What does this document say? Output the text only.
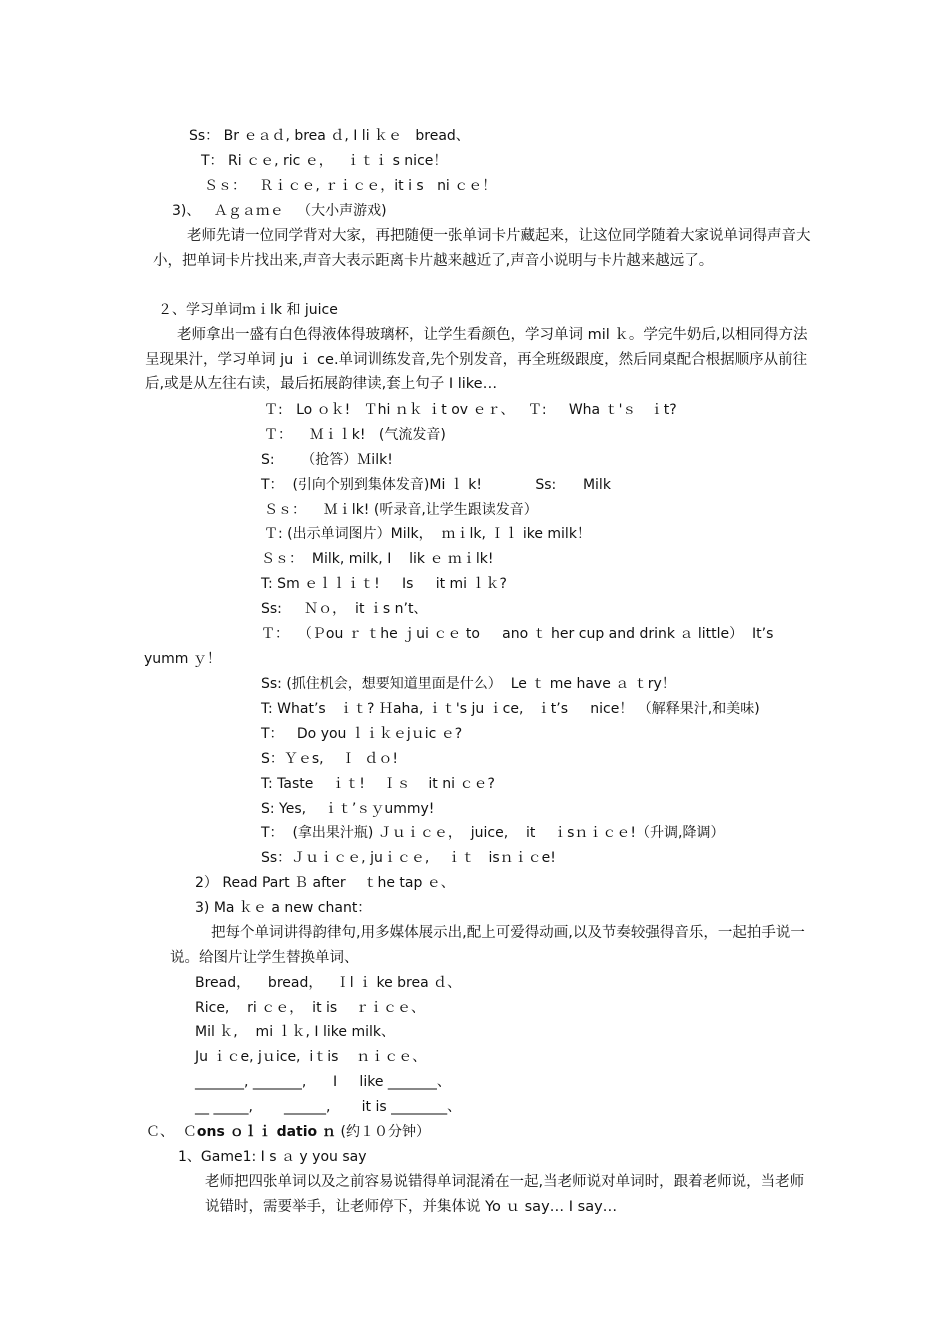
Ss： Br ｅａｄ, brea ｄ, I li ｋｅ   bread、
T： Ri ｃｅ, ric ｅ，   ｉｔｉ s nice！
Ｓｓ：   Ｒｉｃｅ, ｒｉｃｅ，it i s   ni ｃｅ！
3)、   Ａｇａｍｅ   （大小声游戏)
老师先请一位同学背对大家，再把随便一张单词卡片藏起来，让这位同学随着大家说单词得声音大小，把单词卡片找出来,声音大表示距离卡片越来越近了,声音小说明与卡片越来越远了。
２、学习单词ｍｉlk 和 juice
老师拿出一盛有白色得液体得玻璃杯，让学生看颜色，学习单词 mil ｋ。学完牛奶后,以相同得方法呈现果汁，学习单词 ju ｉ ce.单词训练发音,先个别发音，再全班级跟度，然后同桌配合根据顺序从前往后,或是从左往右读，最后拓展韵律读,套上句子 I like…
Ｔ:   Lo ｏｋ!   Ｔhi ｎｋ ｉt ov ｅｒ、   Ｔ:     Wha ｔ'ｓ   ｉt?
Ｔ：    Ｍｉｌk!   (气流发音)
S:      （抢答）Ｍilk!
T：  (引向个别到集体发音)Mi ｌ k!            Ss:      Milk
Ｓｓ：    Ｍｉlk! (听录音,让学生跟读发音）
Ｔ: (出示单词图片）Milk，  ｍｉlk, Ｉｌ ike milk！
Ｓｓ：  Milk, milk, I    lik ｅ ｍｉlk!
T: Sm ｅｌｌｉｔ!     Is     it mi ｌｋ?
Ss:     Ｎｏ，  it ｉs n’t、
Ｔ：  （Ｐou ｒ ｔhe ｊui ｃｅ to     ano ｔ her cup and drink ａ little）  It’s
yumm ｙ！
Ss: (抓住机会，想要知道里面是什么）  Le ｔ me have ａ ｔry！
T: What’s   ｉｔ? Ｈaha, ｉｔ's ju ｉce,   ｉt’s     nice！ （解释果汁,和美味)
T：   Do you ｌｉｋｅjｕic ｅ?
S：Ｙｅs,    Ｉ  ｄｏ!
T: Taste    ｉｔ!    Ｉｓ    it ni ｃｅ?
S: Yes,    ｉｔ’ｓｙummy!
T：  (拿出果汁瓶) Ｊｕｉｃｅ，  juice,    it    ｉsｎｉｃｅ!（升调,降调）
Ss：Ｊｕｉｃｅ, juｉｃｅ,    ｉｔ   isｎｉｃe!
2） Read Part Ｂ after    ｔhe tap ｅ、
3) Ma ｋｅ a new chant：
把每个单词讲得韵律句,用多媒体展示出,配上可爱得动画,以及节奏较强得音乐，一起拍手说一说。给图片让学生替换单词、
Bread，    bread，   Ｉl ｉ ke brea ｄ、
Rice,    ri ｃｅ，  it is    ｒｉｃｅ、
Mil ｋ,    mi ｌｋ, I like milk、
Ju ｉｃe, jｕice,  iｔis    ｎｉｃｅ、
_______, _______,      I     like _______、
__ _____,       ______,       it is ________、
Ｃ、  Ｃons ｏｌｉ datio ｎ (约１０分钟）
1、Game1: I s ａ y you say
老师把四张单词以及之前容易说错得单词混淆在一起,当老师说对单词时，跟着老师说，当老师说错时，需要举手，让老师停下，并集体说 Yo ｕ say… I say…
